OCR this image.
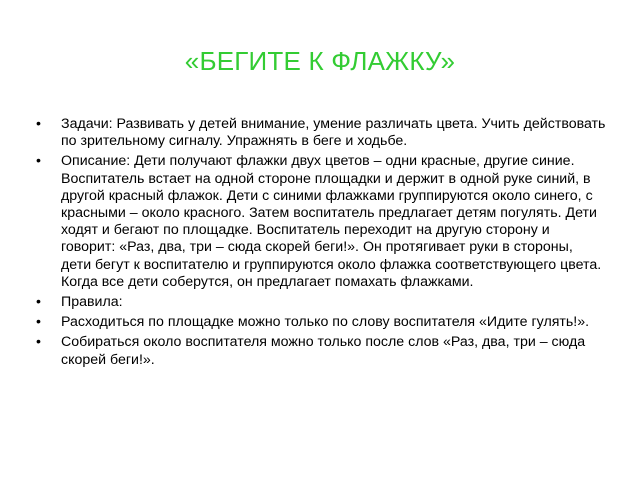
«БЕГИТЕ К ФЛАЖКУ»
•	Задачи: Развивать у детей внимание, умение различать цвета. Учить действовать по зрительному сигналу. Упражнять в беге и ходьбе.
•	Описание: Дети получают флажки двух цветов – одни красные, другие синие. Воспитатель встает на одной стороне площадки и держит в одной руке синий, в другой красный флажок. Дети с синими флажками группируются около синего, с красными – около красного. Затем воспитатель предлагает детям погулять. Дети ходят и бегают по площадке. Воспитатель переходит на другую сторону и говорит: «Раз, два, три – сюда скорей беги!». Он протягивает руки в стороны, дети бегут к воспитателю и группируются около флажка соответствующего цвета. Когда все дети соберутся, он предлагает помахать флажками.
•	Правила:
•	Расходиться по площадке можно только по слову воспитателя «Идите гулять!».
•	Собираться около воспитателя можно только после слов «Раз, два, три – сюда скорей беги!».
